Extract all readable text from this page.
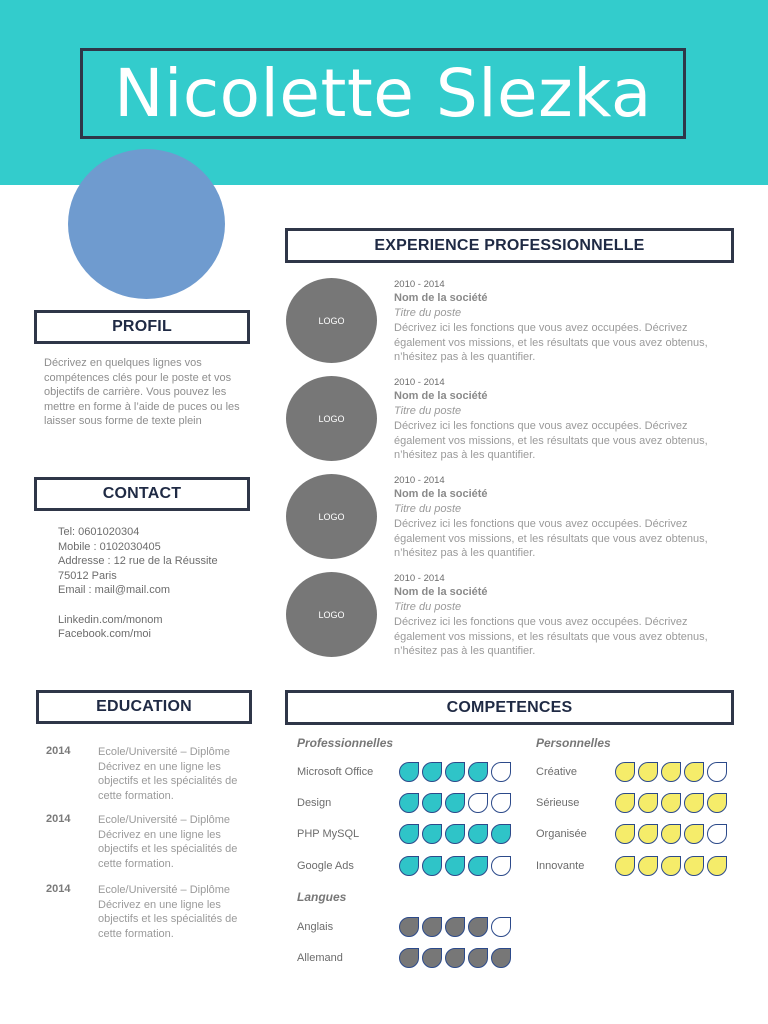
Nicolette Slezka
PROFIL
Décrivez en quelques lignes vos compétences clés pour le poste et vos objectifs de carrière. Vous pouvez les mettre en forme à l’aide de puces ou les laisser sous forme de texte plein
CONTACT
Tel: 0601020304
Mobile : 0102030405
Addresse : 12 rue de la Réussite
75012 Paris
Email : mail@mail.com
Linkedin.com/monom
Facebook.com/moi
EXPERIENCE PROFESSIONNELLE
LOGO
2010 - 2014
Nom de la société
Titre du poste
Décrivez ici les fonctions que vous avez occupées. Décrivez également vos missions, et les résultats que vous avez obtenus, n’hésitez pas à les quantifier.
LOGO
2010 - 2014
Nom de la société
Titre du poste
Décrivez ici les fonctions que vous avez occupées. Décrivez également vos missions, et les résultats que vous avez obtenus, n’hésitez pas à les quantifier.
LOGO
2010 - 2014
Nom de la société
Titre du poste
Décrivez ici les fonctions que vous avez occupées. Décrivez également vos missions, et les résultats que vous avez obtenus, n’hésitez pas à les quantifier.
LOGO
2010 - 2014
Nom de la société
Titre du poste
Décrivez ici les fonctions que vous avez occupées. Décrivez également vos missions, et les résultats que vous avez obtenus, n’hésitez pas à les quantifier.
EDUCATION
2014	Ecole/Université – Diplôme Décrivez en une ligne les objectifs et les spécialités de cette formation.
2014	Ecole/Université – Diplôme Décrivez en une ligne les objectifs et les spécialités de cette formation.
2014	Ecole/Université – Diplôme Décrivez en une ligne les objectifs et les spécialités de cette formation.
COMPETENCES
Professionnelles	Personnelles
Langues
Microsoft Office
Design
PHP MySQL
Google Ads
Créative
Sérieuse
Organisée
Innovante
Anglais
Allemand
